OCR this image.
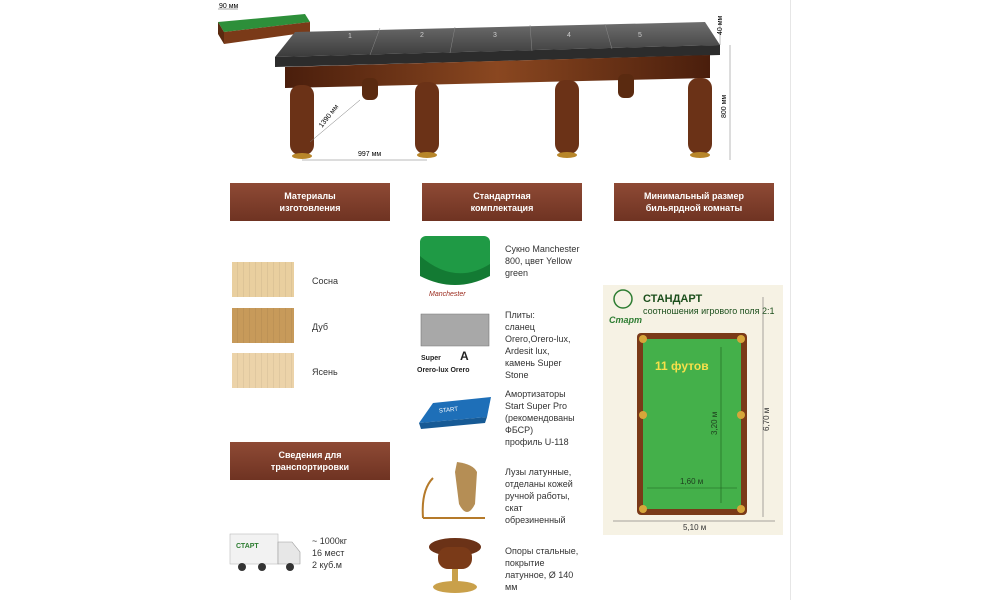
90 мм
1	2	3	4	5
40 мм
800 мм
997 мм
1390 мм
Материалы
изготовления
Стандартная
комплектация
Минимальный размер
бильярдной комнаты
Сведения для
транспортировки
Сосна
Дуб
Ясень
Manchester
Сукно Manchester
800, цвет Yellow
green
Super A
Orero-lux Orero
Плиты:
сланец
Orero,Orero-lux,
Ardesit lux,
камень Super
Stone
START
Амортизаторы
Start Super Pro
(рекомендованы
ФБСР)
профиль U-118
Лузы латунные,
отделаны кожей
ручной работы,
скат
обрезиненный
Опоры стальные,
покрытие
латунное, Ø 140
мм
Старт
СТАНДАРТ
соотношения игрового поля 2:1
11 футов
3,20 м
1,60 м
6,70 м
5,10 м
СТАРТ
~ 1000кг
16 мест
2 куб.м
